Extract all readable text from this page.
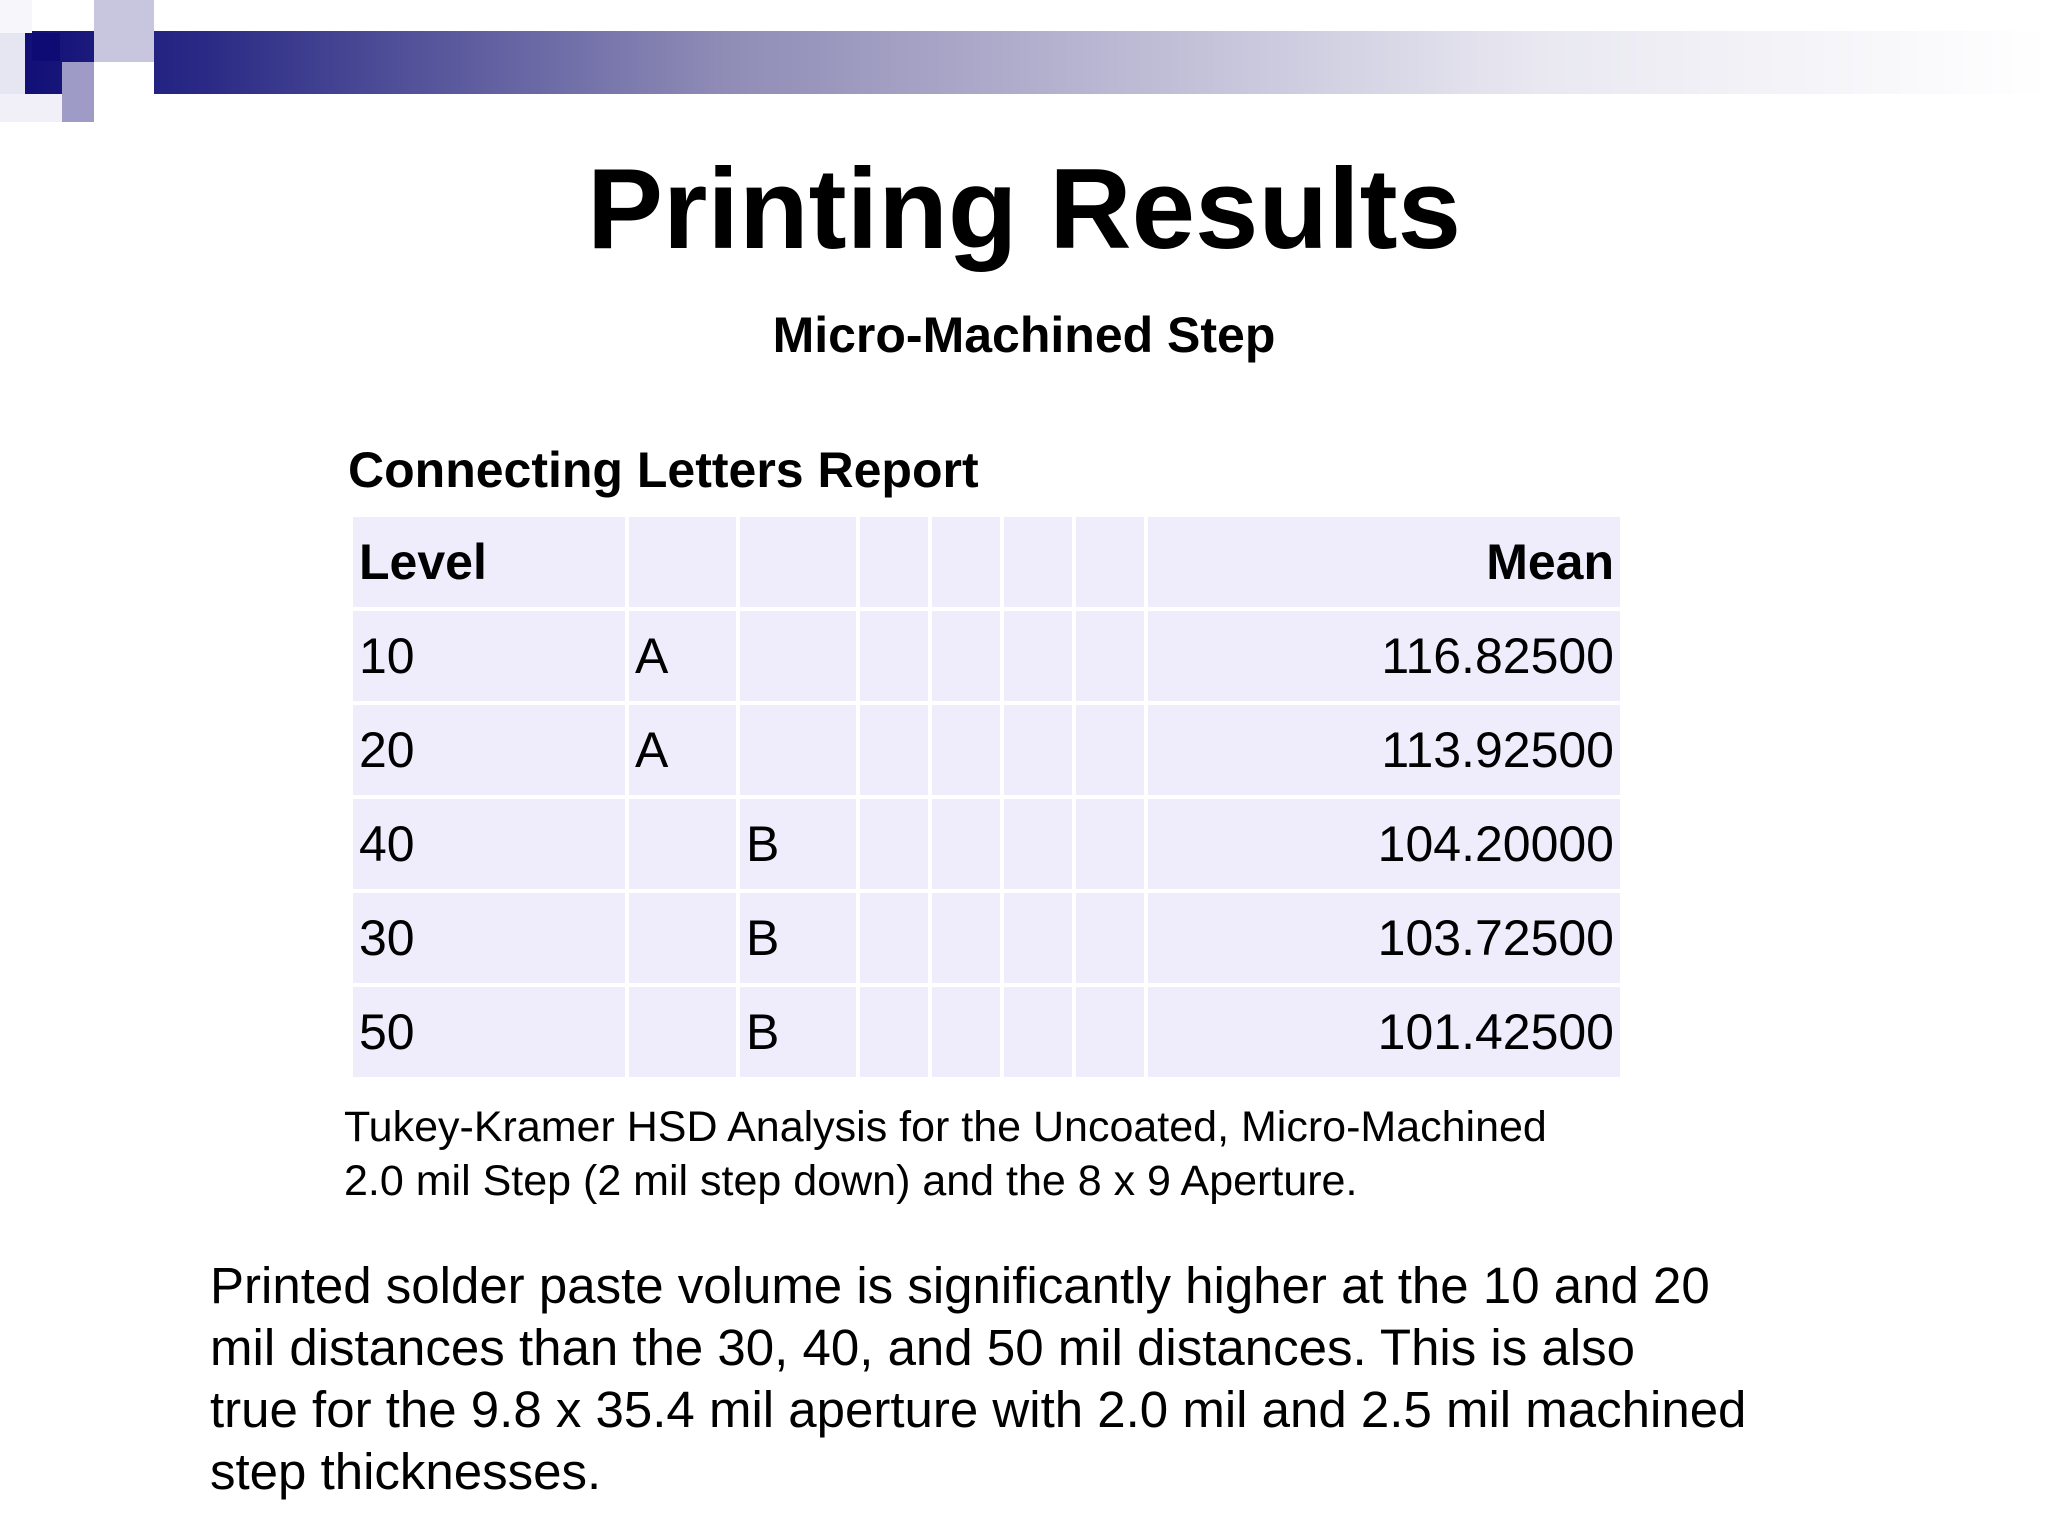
Printing Results
Micro-Machined Step
Connecting Letters Report
Level							Mean
10	A						116.82500
20	A						113.92500
40		B					104.20000
30		B					103.72500
50		B					101.42500
Tukey-Kramer HSD Analysis for the Uncoated, Micro-Machined
2.0 mil Step (2 mil step down) and the 8 x 9 Aperture.
Printed solder paste volume is significantly higher at the 10 and 20
mil distances than the 30, 40, and 50 mil distances. This is also
true for the 9.8 x 35.4 mil aperture with 2.0 mil and 2.5 mil machined
step thicknesses.
